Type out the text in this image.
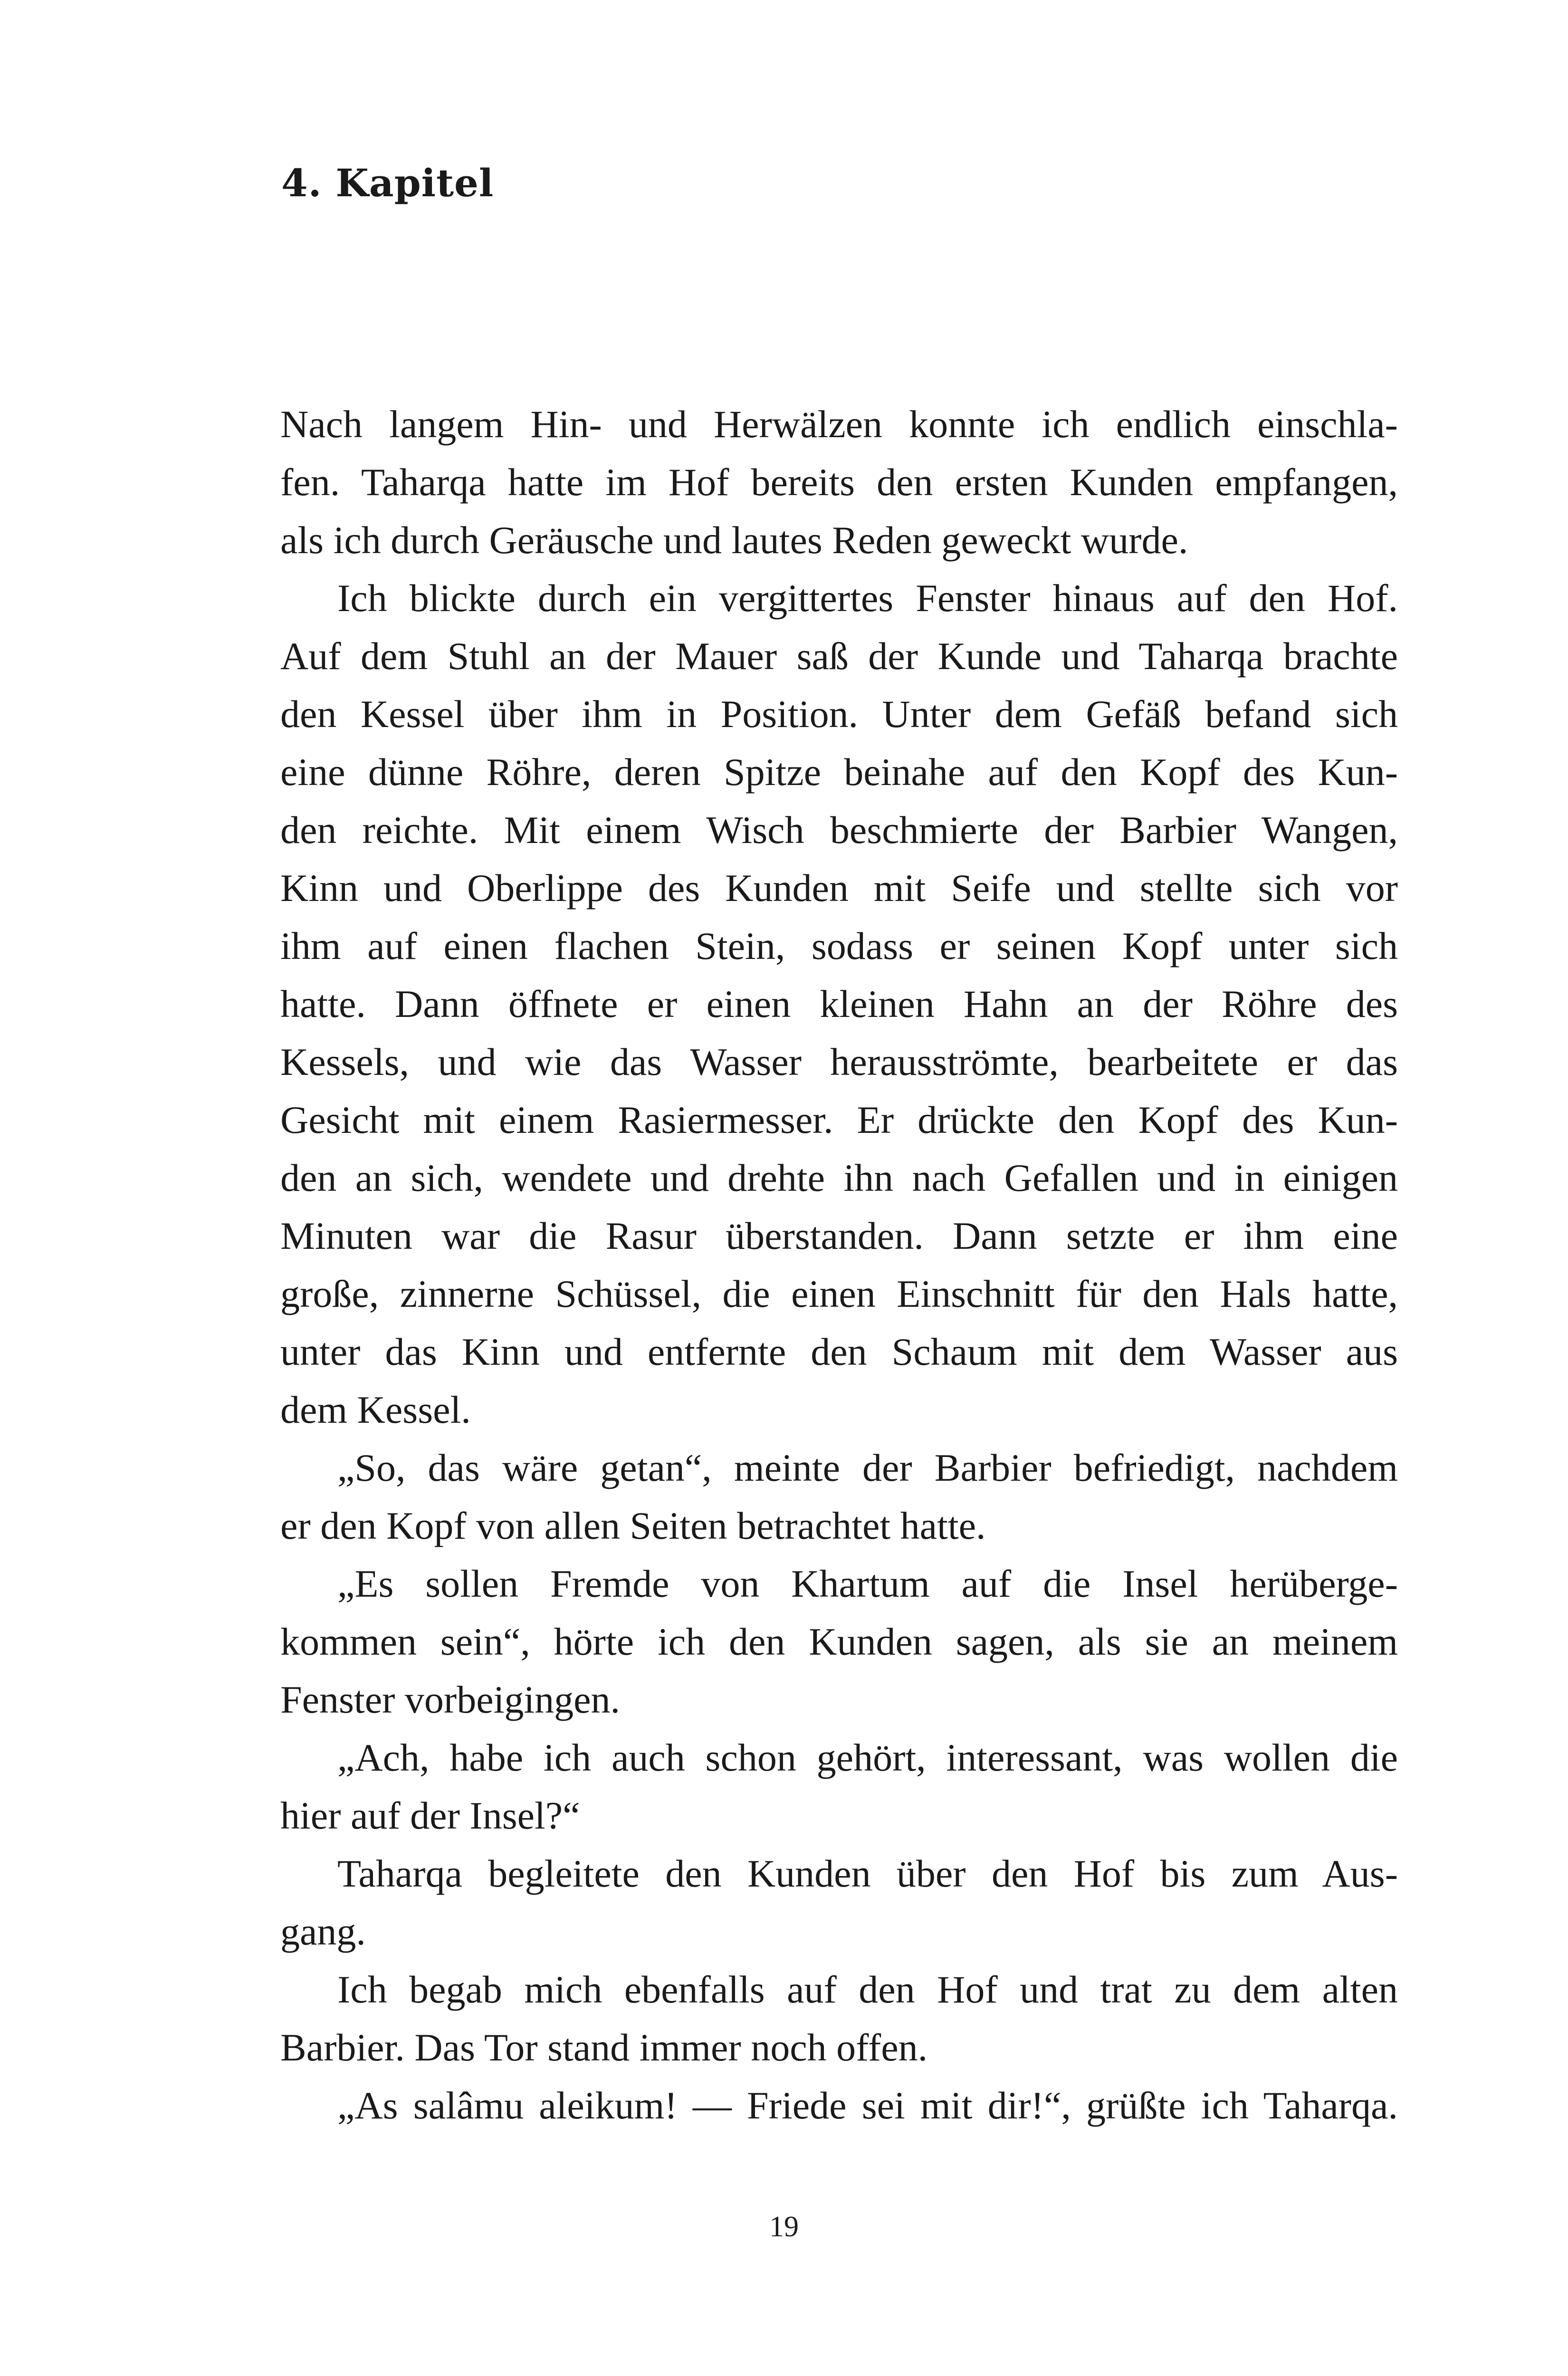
4. Kapitel
Nach langem Hin- und Herwälzen konnte ich endlich einschla-
fen. Taharqa hatte im Hof bereits den ersten Kunden empfangen,
als ich durch Geräusche und lautes Reden geweckt wurde.
Ich blickte durch ein vergittertes Fenster hinaus auf den Hof.
Auf dem Stuhl an der Mauer saß der Kunde und Taharqa brachte
den Kessel über ihm in Position. Unter dem Gefäß befand sich
eine dünne Röhre, deren Spitze beinahe auf den Kopf des Kun-
den reichte. Mit einem Wisch beschmierte der Barbier Wangen,
Kinn und Oberlippe des Kunden mit Seife und stellte sich vor
ihm auf einen flachen Stein, sodass er seinen Kopf unter sich
hatte. Dann öffnete er einen kleinen Hahn an der Röhre des
Kessels, und wie das Wasser herausströmte, bearbeitete er das
Gesicht mit einem Rasiermesser. Er drückte den Kopf des Kun-
den an sich, wendete und drehte ihn nach Gefallen und in einigen
Minuten war die Rasur überstanden. Dann setzte er ihm eine
große, zinnerne Schüssel, die einen Einschnitt für den Hals hatte,
unter das Kinn und entfernte den Schaum mit dem Wasser aus
dem Kessel.
„So, das wäre getan“, meinte der Barbier befriedigt, nachdem
er den Kopf von allen Seiten betrachtet hatte.
„Es sollen Fremde von Khartum auf die Insel herüberge-
kommen sein“, hörte ich den Kunden sagen, als sie an meinem
Fenster vorbeigingen.
„Ach, habe ich auch schon gehört, interessant, was wollen die
hier auf der Insel?“
Taharqa begleitete den Kunden über den Hof bis zum Aus-
gang.
Ich begab mich ebenfalls auf den Hof und trat zu dem alten
Barbier. Das Tor stand immer noch offen.
„As salâmu aleikum! — Friede sei mit dir!“, grüßte ich Taharqa.
19
